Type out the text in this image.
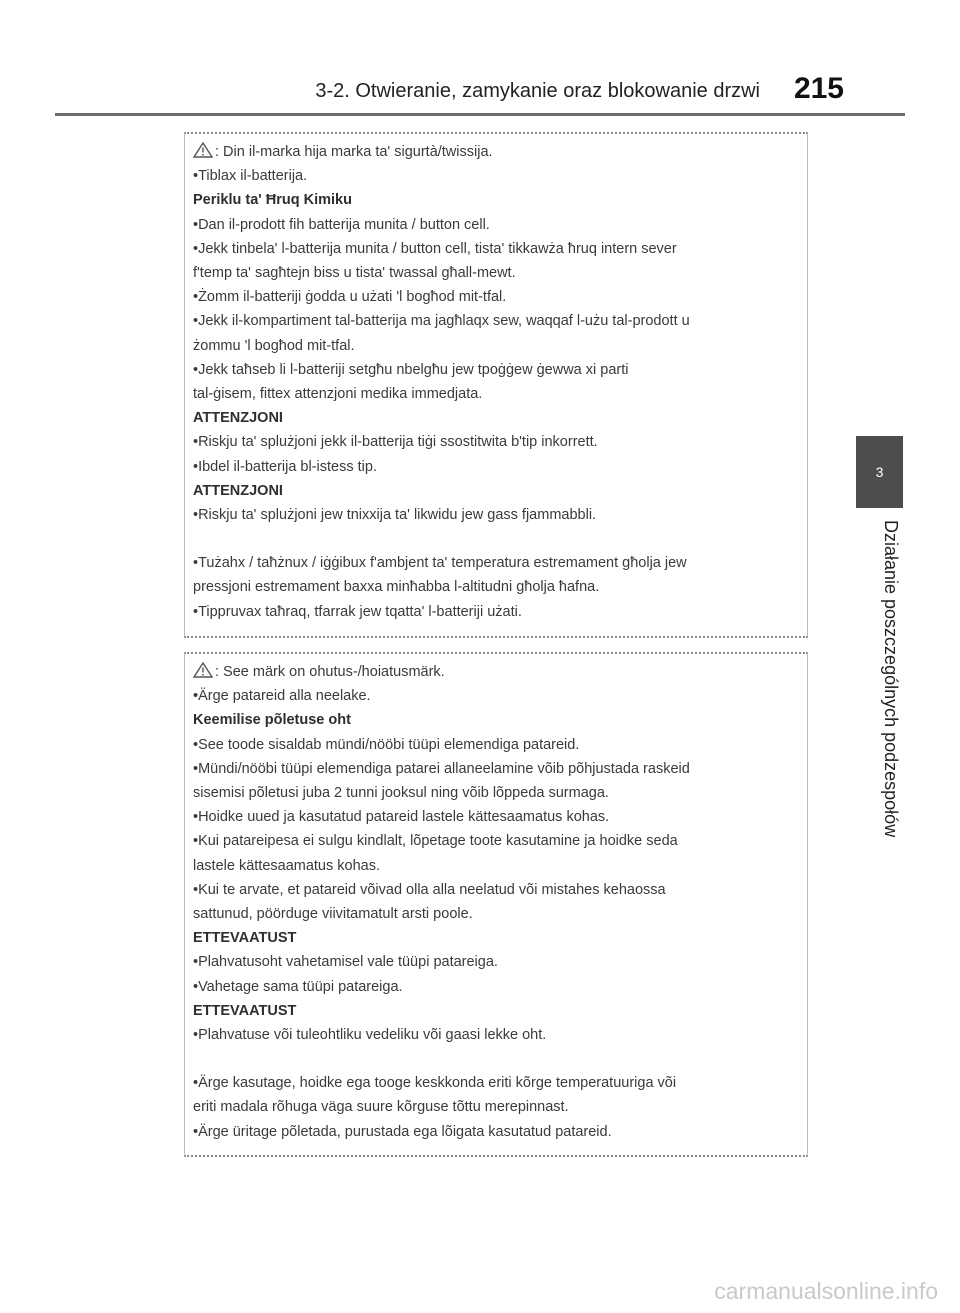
3-2. Otwieranie, zamykanie oraz blokowanie drzwi 215
3
Działanie poszczególnych podzespołów
: Din il-marka hija marka ta' sigurtà/twissija.
•Tiblax il-batterija.
Periklu ta' Ħruq Kimiku
•Dan il-prodott fih batterija munita / button cell.
•Jekk tinbela' l-batterija munita / button cell, tista' tikkawża ħruq intern sever
f'temp ta' sagħtejn biss u tista' twassal għall-mewt.
•Żomm il-batteriji ġodda u użati 'l bogħod mit-tfal.
•Jekk il-kompartiment tal-batterija ma jagħlaqx sew, waqqaf l-użu tal-prodott u
żommu 'l bogħod mit-tfal.
•Jekk taħseb li l-batteriji setgħu nbelgħu jew tpoġġew ġewwa xi parti
tal-ġisem, fittex attenzjoni medika immedjata.
ATTENZJONI
•Riskju ta' splużjoni jekk il-batterija tiġi ssostitwita b'tip inkorrett.
•Ibdel il-batterija bl-istess tip.
ATTENZJONI
•Riskju ta' splużjoni jew tnixxija ta' likwidu jew gass fjammabbli.
•Tużahx / taħżnux / iġġibux f'ambjent ta' temperatura estremament għolja jew
pressjoni estremament baxxa minħabba l-altitudni għolja ħafna.
•Tippruvax taħraq, tfarrak jew tqatta' l-batteriji użati.
: See märk on ohutus-/hoiatusmärk.
•Ärge patareid alla neelake.
Keemilise põletuse oht
•See toode sisaldab mündi/nööbi tüüpi elemendiga patareid.
•Mündi/nööbi tüüpi elemendiga patarei allaneelamine võib põhjustada raskeid
sisemisi põletusi juba 2 tunni jooksul ning võib lõppeda surmaga.
•Hoidke uued ja kasutatud patareid lastele kättesaamatus kohas.
•Kui patareipesa ei sulgu kindlalt, lõpetage toote kasutamine ja hoidke seda
lastele kättesaamatus kohas.
•Kui te arvate, et patareid võivad olla alla neelatud või mistahes kehaossa
sattunud, pöörduge viivitamatult arsti poole.
ETTEVAATUST
•Plahvatusoht vahetamisel vale tüüpi patareiga.
•Vahetage sama tüüpi patareiga.
ETTEVAATUST
•Plahvatuse või tuleohtliku vedeliku või gaasi lekke oht.
•Ärge kasutage, hoidke ega tooge keskkonda eriti kõrge temperatuuriga või
eriti madala rõhuga väga suure kõrguse tõttu merepinnast.
•Ärge üritage põletada, purustada ega lõigata kasutatud patareid.
carmanualsonline.info
